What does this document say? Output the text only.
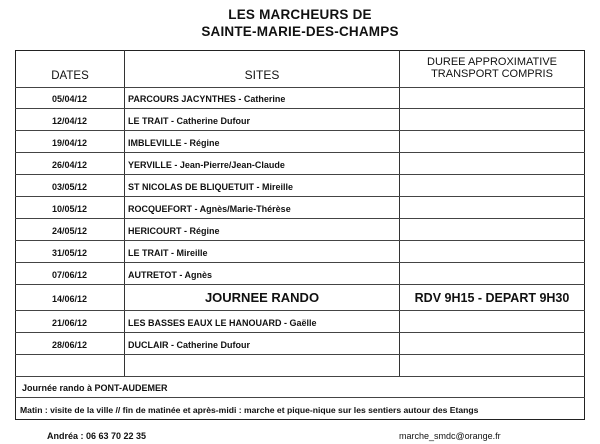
LES MARCHEURS DE
SAINTE-MARIE-DES-CHAMPS
DATES	SITES
DUREE APPROXIMATIVE
TRANSPORT COMPRIS
05/04/12	PARCOURS JACYNTHES - Catherine
12/04/12	LE TRAIT - Catherine Dufour
19/04/12	IMBLEVILLE - Régine
26/04/12	YERVILLE - Jean-Pierre/Jean-Claude
03/05/12	ST NICOLAS DE BLIQUETUIT - Mireille
10/05/12	ROCQUEFORT - Agnès/Marie-Thérèse
24/05/12	HERICOURT - Régine
31/05/12	LE TRAIT - Mireille
07/06/12	AUTRETOT - Agnès
14/06/12	JOURNEE RANDO	RDV 9H15 - DEPART 9H30
21/06/12	LES BASSES EAUX LE HANOUARD - Gaëlle
28/06/12	DUCLAIR - Catherine Dufour
Journée rando à PONT-AUDEMER
Matin : visite de la ville // fin de matinée et après-midi : marche et pique-nique sur les sentiers autour des Etangs
Andréa : 06 63 70 22 35	marche_smdc@orange.fr
